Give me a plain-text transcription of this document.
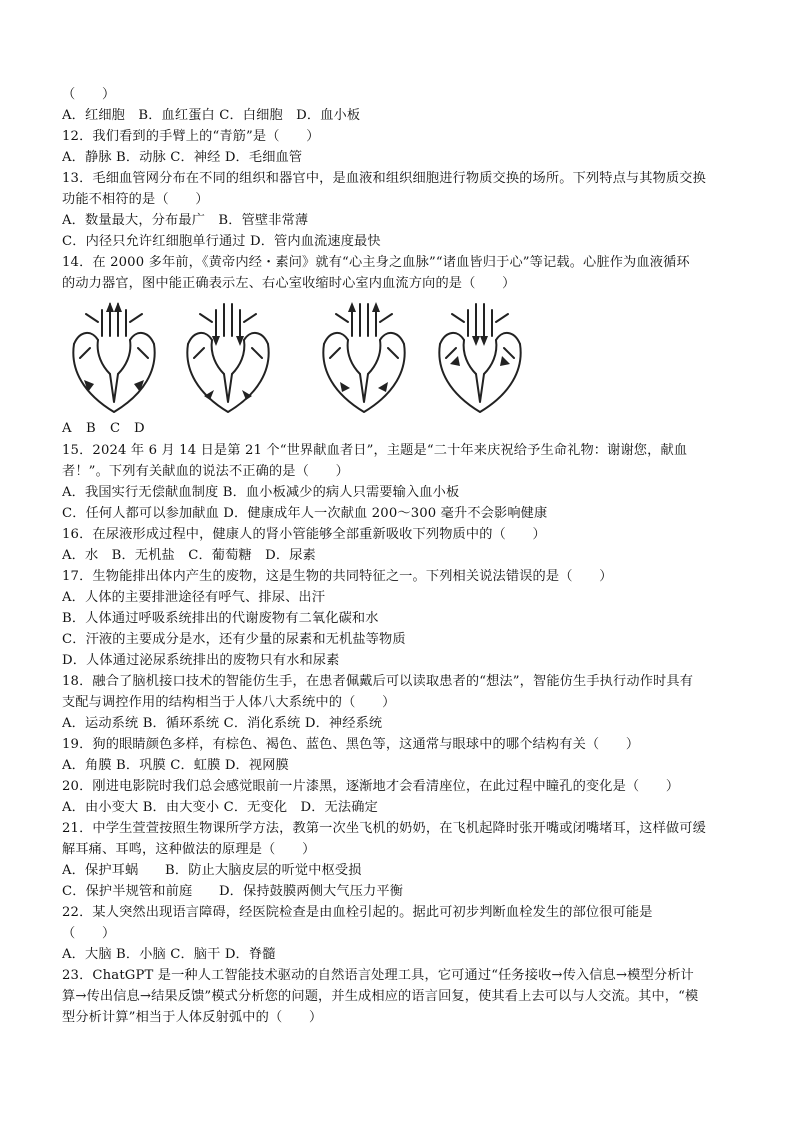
（　　）
A．红细胞　B．血红蛋白 C．白细胞　D．血小板
12．我们看到的手臂上的“青筋”是（　　）
A．静脉 B．动脉 C．神经 D．毛细血管
13．毛细血管网分布在不同的组织和器官中，是血液和组织细胞进行物质交换的场所。下列特点与其物质交换
功能不相符的是（　　）
A．数量最大，分布最广　B．管壁非常薄
C．内径只允许红细胞单行通过 D．管内血流速度最快
14．在 2000 多年前，《黄帝内经・素问》就有“心主身之血脉”“诸血皆归于心”等记载。心脏作为血液循环
的动力器官，图中能正确表示左、右心室收缩时心室内血流方向的是（　　）
A B C D
15．2024 年 6 月 14 日是第 21 个“世界献血者日”，主题是“二十年来庆祝给予生命礼物：谢谢您，献血
者！”。下列有关献血的说法不正确的是（　　）
A．我国实行无偿献血制度 B．血小板减少的病人只需要输入血小板
C．任何人都可以参加献血 D．健康成年人一次献血 200～300 毫升不会影响健康
16．在尿液形成过程中，健康人的肾小管能够全部重新吸收下列物质中的（　　）
A．水　B．无机盐　C．葡萄糖　D．尿素
17．生物能排出体内产生的废物，这是生物的共同特征之一。下列相关说法错误的是（　　）
A．人体的主要排泄途径有呼气、排尿、出汗
B．人体通过呼吸系统排出的代谢废物有二氧化碳和水
C．汗液的主要成分是水，还有少量的尿素和无机盐等物质
D．人体通过泌尿系统排出的废物只有水和尿素
18．融合了脑机接口技术的智能仿生手，在患者佩戴后可以读取患者的“想法”，智能仿生手执行动作时具有
支配与调控作用的结构相当于人体八大系统中的（　　）
A．运动系统 B．循环系统 C．消化系统 D．神经系统
19．狗的眼睛颜色多样，有棕色、褐色、蓝色、黑色等，这通常与眼球中的哪个结构有关（　　）
A．角膜 B．巩膜 C．虹膜 D．视网膜
20．刚进电影院时我们总会感觉眼前一片漆黑，逐渐地才会看清座位，在此过程中瞳孔的变化是（　　）
A．由小变大 B．由大变小 C．无变化　D．无法确定
21．中学生萱萱按照生物课所学方法，教第一次坐飞机的奶奶，在飞机起降时张开嘴或闭嘴堵耳，这样做可缓
解耳痛、耳鸣，这种做法的原理是（　　）
A．保护耳蜗　　B．防止大脑皮层的听觉中枢受损
C．保护半规管和前庭　　D．保持鼓膜两侧大气压力平衡
22．某人突然出现语言障碍，经医院检查是由血栓引起的。据此可初步判断血栓发生的部位很可能是
（　　）
A．大脑 B．小脑 C．脑干 D．脊髓
23．ChatGPT 是一种人工智能技术驱动的自然语言处理工具，它可通过“任务接收→传入信息→模型分析计
算→传出信息→结果反馈”模式分析您的问题，并生成相应的语言回复，使其看上去可以与人交流。其中，“模
型分析计算”相当于人体反射弧中的（　　）
